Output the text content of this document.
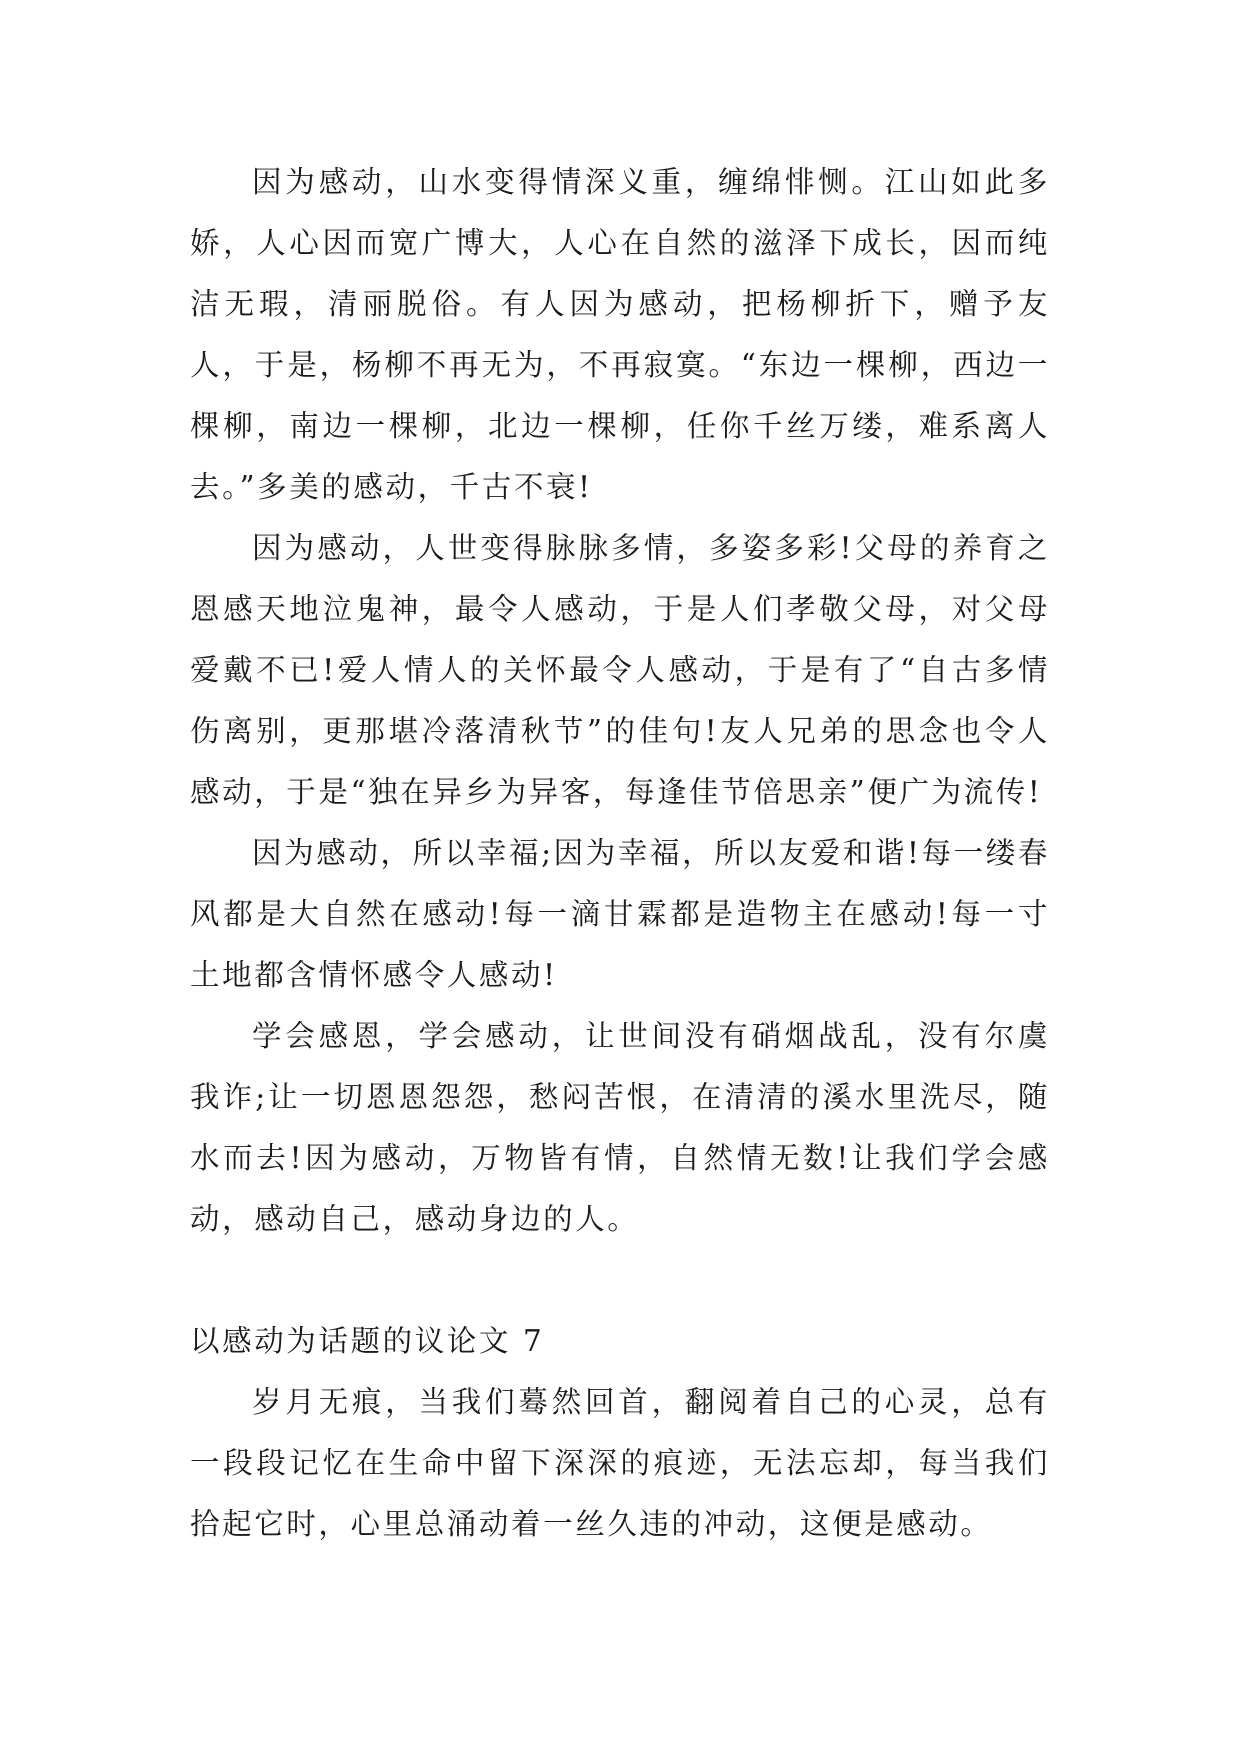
因为感动，山水变得情深义重，缠绵悱恻。江山如此多娇，人心因而宽广博大，人心在自然的滋泽下成长，因而纯洁无瑕，清丽脱俗。有人因为感动，把杨柳折下，赠予友人，于是，杨柳不再无为，不再寂寞。“东边一棵柳，西边一棵柳，南边一棵柳，北边一棵柳，任你千丝万缕，难系离人去。”多美的感动，千古不衰!

因为感动，人世变得脉脉多情，多姿多彩!父母的养育之恩感天地泣鬼神，最令人感动，于是人们孝敬父母，对父母爱戴不已!爱人情人的关怀最令人感动，于是有了“自古多情伤离别，更那堪冷落清秋节”的佳句!友人兄弟的思念也令人感动，于是“独在异乡为异客，每逢佳节倍思亲”便广为流传!

因为感动，所以幸福;因为幸福，所以友爱和谐!每一缕春风都是大自然在感动!每一滴甘霖都是造物主在感动!每一寸土地都含情怀感令人感动!

学会感恩，学会感动，让世间没有硝烟战乱，没有尔虞我诈;让一切恩恩怨怨，愁闷苦恨，在清清的溪水里洗尽，随水而去!因为感动，万物皆有情，自然情无数!让我们学会感动，感动自己，感动身边的人。

以感动为话题的议论文 7

岁月无痕，当我们蓦然回首，翻阅着自己的心灵，总有一段段记忆在生命中留下深深的痕迹，无法忘却，每当我们拾起它时，心里总涌动着一丝久违的冲动，这便是感动。
